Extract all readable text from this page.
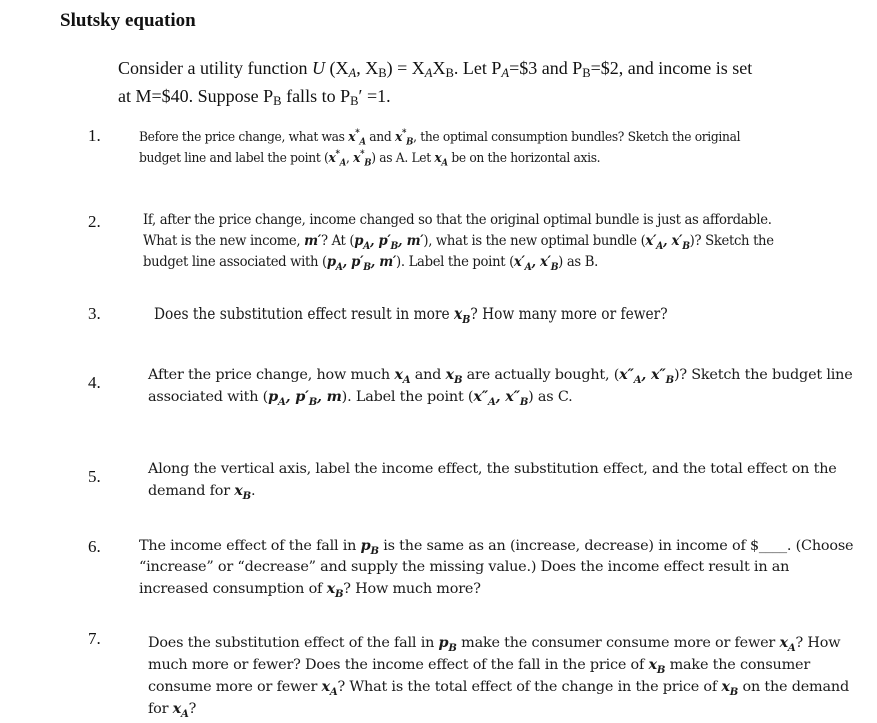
Slutsky equation
Consider a utility function U (XA, XB) = XAXB. Let PA=$3 and PB=$2, and income is set
at M=$40. Suppose PB falls to PB′ =1.
1.	Before the price change, what was $x^*_A$ and $x^*_B$, the optimal consumption bundles? Sketch the original
budget line and label the point ($x^*_A$, $x^*_B$) as A. Let $x_A$ be on the horizontal axis.
2.	If, after the price change, income changed so that the original optimal bundle is just as affordable.
What is the new income, m′? At ($p_A$, $p'_B$, m′), what is the new optimal bundle ($x'_A$, $x'_B$)? Sketch the
budget line associated with ($p_A$, $p'_B$, m′). Label the point ($x'_A$, $x'_B$) as B.
3.	Does the substitution effect result in more $x_B$? How many more or fewer?
4.	After the price change, how much $x_A$ and $x_B$ are actually bought, ($x''_A$, $x''_B$)? Sketch the budget line
associated with ($p_A$, $p'_B$, m). Label the point ($x''_A$, $x''_B$) as C.
5.	Along the vertical axis, label the income effect, the substitution effect, and the total effect on the
demand for $x_B$.
6.	The income effect of the fall in $p_B$ is the same as an (increase, decrease) in income of $____. (Choose
“increase” or “decrease” and supply the missing value.) Does the income effect result in an
increased consumption of $x_B$? How much more?
7.	Does the substitution effect of the fall in $p_B$ make the consumer consume more or fewer $x_A$? How
much more or fewer? Does the income effect of the fall in the price of $x_B$ make the consumer
consume more or fewer $x_A$? What is the total effect of the change in the price of $x_B$ on the demand
for $x_A$?
